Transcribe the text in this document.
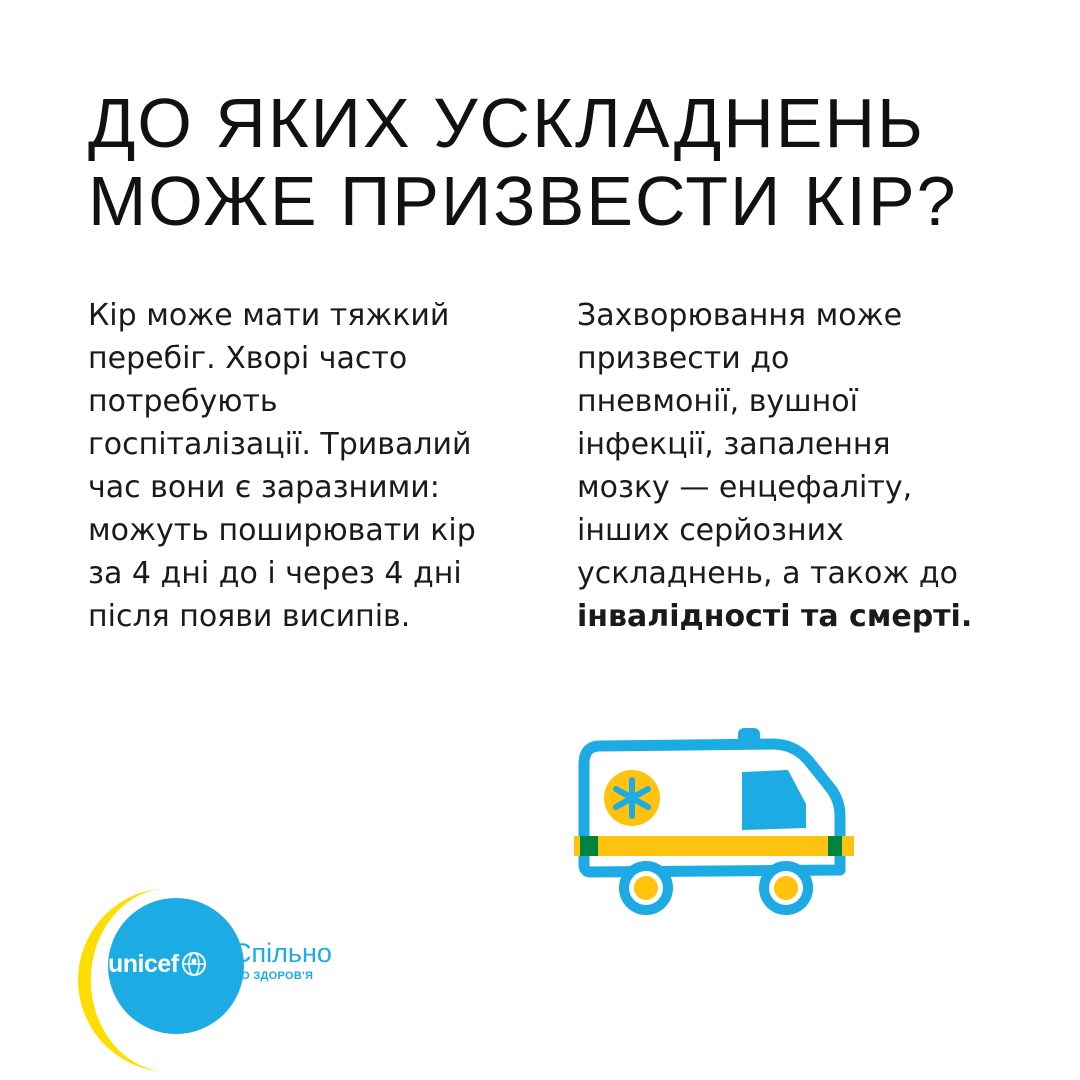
ДО ЯКИХ УСКЛАДНЕНЬ
МОЖЕ ПРИЗВЕСТИ КІР?

Кір може мати тяжкий
перебіг. Хворі часто
потребують
госпіталізації. Тривалий
час вони є заразними:
можуть поширювати кір
за 4 дні до і через 4 дні
після появи висипів.

Захворювання може
призвести до
пневмонії, вушної
інфекції, запалення
мозку — енцефаліту,
інших серйозних
ускладнень, а також до
інвалідності та смерті.

unicef Спільно
ДО ЗДОРОВ'Я
